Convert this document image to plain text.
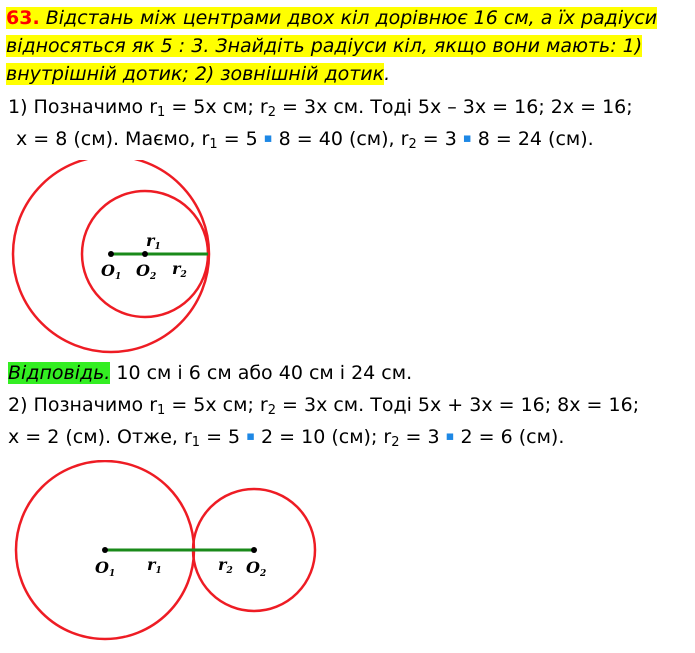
63. Відстань між центрами двох кіл дорівнює 16 см, а їх радіуси відносяться як 5 : 3. Знайдіть радіуси кіл, якщо вони мають: 1) внутрішній дотик; 2) зовнішній дотик.
1) Позначимо $r_1 = 5x$ см; $r_2 = 3x$ см. Тоді 5x – 3x = 16; 2x = 16;
x = 8 (см). Маємо, $r_1 = 5$ ▪ 8 = 40 (см), $r_2 = 3$ ▪ 8 = 24 (см).
r1
O1 O2 r2
Відповідь. 10 см і 6 см або 40 см і 24 см.
2) Позначимо $r_1 = 5x$ см; $r_2 = 3x$ см. Тоді 5x + 3x = 16; 8x = 16;
x = 2 (см). Отже, $r_1 = 5$ ▪ 2 = 10 (см); $r_2 = 3$ ▪ 2 = 6 (см).
O1 r1	r2 O2
